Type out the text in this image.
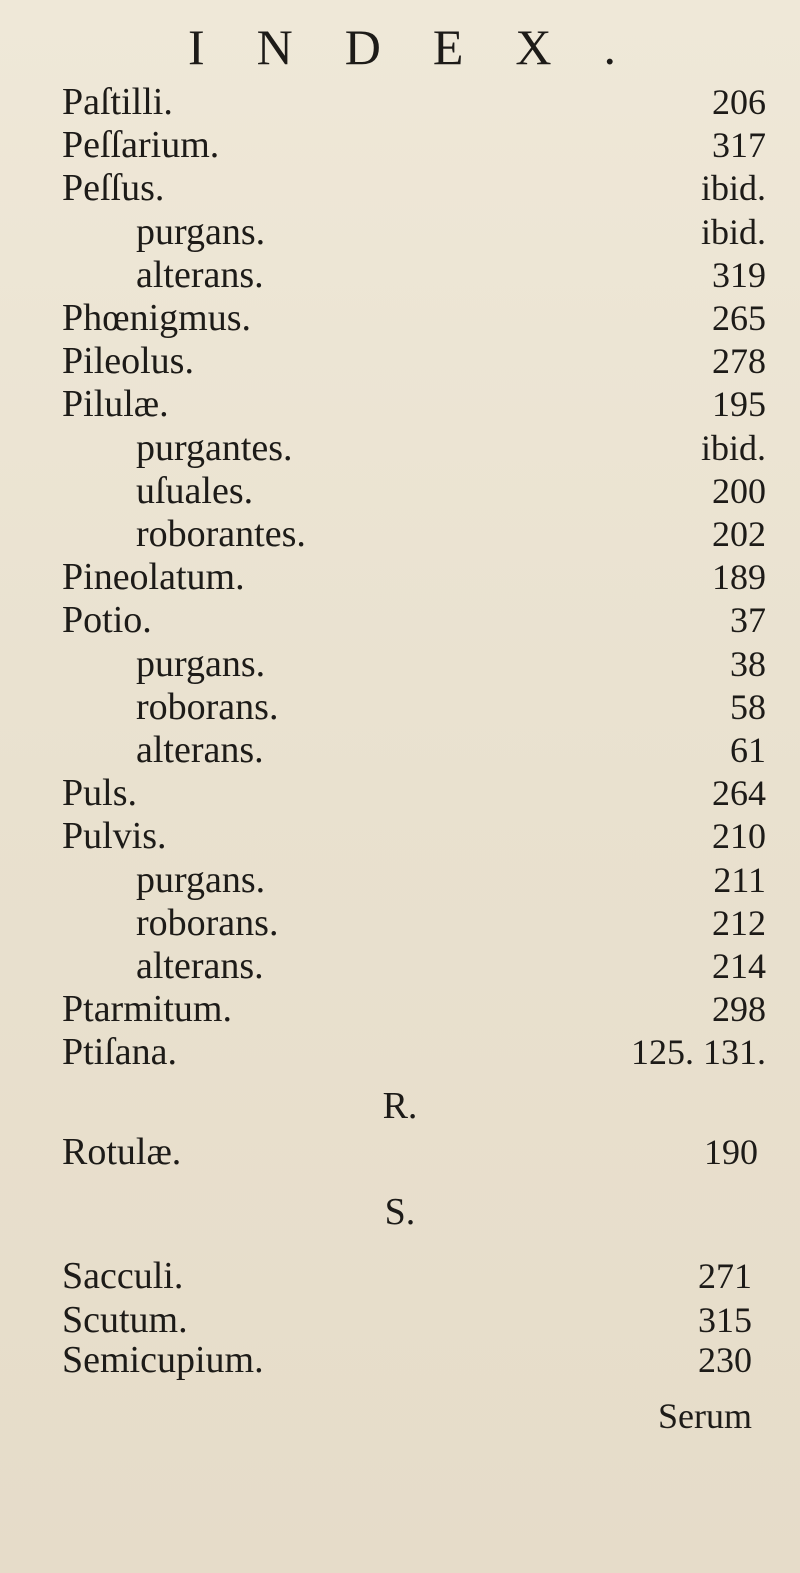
INDEX.
Paſtilli.	206
Peſſarium.	317
Peſſus.	ibid.
purgans.	ibid.
alterans.	319
Phœnigmus.	265
Pileolus.	278
Pilulæ.	195
purgantes.	ibid.
uſuales.	200
roborantes.	202
Pineolatum.	189
Potio.	37
purgans.	38
roborans.	58
alterans.	61
Puls.	264
Pulvis.	210
purgans.	211
roborans.	212
alterans.	214
Ptarmitum.	298
Ptiſana.	125. 131.
R.
Rotulæ.	190
S.
Sacculi.	271
Scutum.	315
Semicupium.	230
Serum
